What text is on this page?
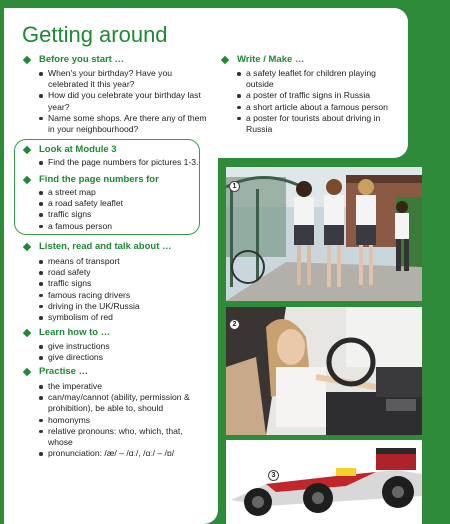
Getting around
Before you start …
When’s your birthday? Have you celebrated it this year?
How did you celebrate your birthday last year?
Name some shops. Are there any of them in your neighbourhood?
Write / Make …
a safety leaflet for children playing outside
a poster of traffic signs in Russia
a short article about a famous person
a poster for tourists about driving in Russia
Look at Module 3
Find the page numbers for pictures 1-3.
Find the page numbers for
a street map
a road safety leaflet
traffic signs
a famous person
Listen, read and talk about …
means of transport
road safety
traffic signs
famous racing drivers
driving in the UK/Russia
symbolism of red
Learn how to …
give instructions
give directions
Practise …
the imperative
can/may/cannot (ability, permission & prohibition), be able to, should
homonyms
relative pronouns: who, which, that, whose
pronunciation: /æ/ – /ɑː/, /ɑː/ – /ɒ/
1
2
3
